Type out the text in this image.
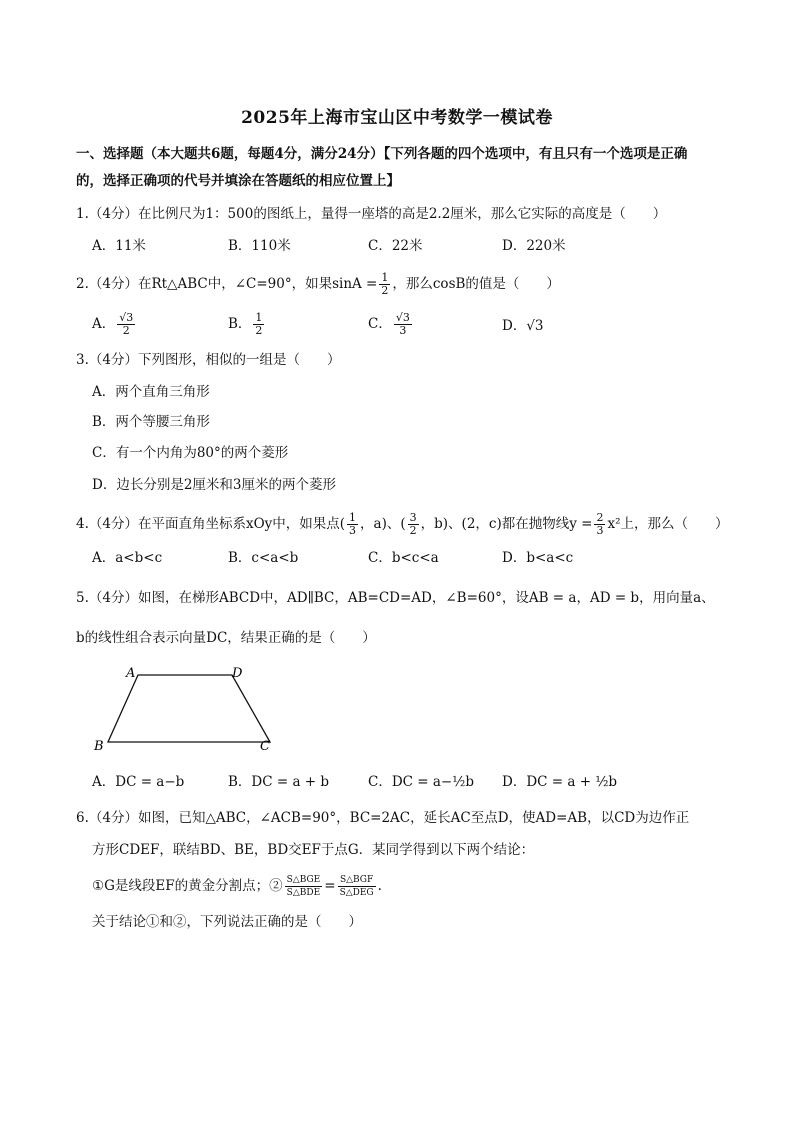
2025年上海市宝山区中考数学一模试卷
一、选择题（本大题共6题，每题4分，满分24分）【下列各题的四个选项中，有且只有一个选项是正确
的，选择正确项的代号并填涂在答题纸的相应位置上】
1.（4分）在比例尺为1：500的图纸上，量得一座塔的高是2.2厘米，那么它实际的高度是（　　）
A．11米	B．110米	C．22米	D．220米
2.（4分）在Rt△ABC中，∠C=90°，如果$\sin A = \frac{1}{2}$ ，那么cosB的值是（　　）
A． $\frac{√3}{2}$	B． $\frac{1}{2}$	C． $\frac{√3}{3}$	D．√3
3.（4分）下列图形，相似的一组是（　　）
A．两个直角三角形
B．两个等腰三角形
C．有一个内角为80°的两个菱形
D．边长分别是2厘米和3厘米的两个菱形
4.（4分）在平面直角坐标系xOy中，如果点( $\frac{1}{3}$ ，a)、( $\frac{3}{2}$ ，b)、(2，c)都在抛物线$y = \frac{2}{3} x^2$上，那么（　　）
A．a<b<c	B．c<a<b	C．b<c<a	D．b<a<c
5.（4分）如图，在梯形ABCD中，AD∥BC，AB=CD=AD，∠B=60°，设AB = a，AD = b，用向量a、
b的线性组合表示向量DC，结果正确的是（　　）
A	D
B	C
A．DC = a−b	B．DC = a + b	C．DC = a−½b D．DC = a + ½b
6.（4分）如图，已知△ABC，∠ACB=90°，BC=2AC，延长AC至点D，使AD=AB，以CD为边作正
方形CDEF，联结BD、BE，BD交EF于点G．某同学得到以下两个结论：
①G是线段EF的黄金分割点；② $\frac{\text{S△BGE}}{\text{S△BDE}} = \frac{\text{S△BGF}}{\text{S△DEG}}$ .
关于结论①和②，下列说法正确的是（　　）
